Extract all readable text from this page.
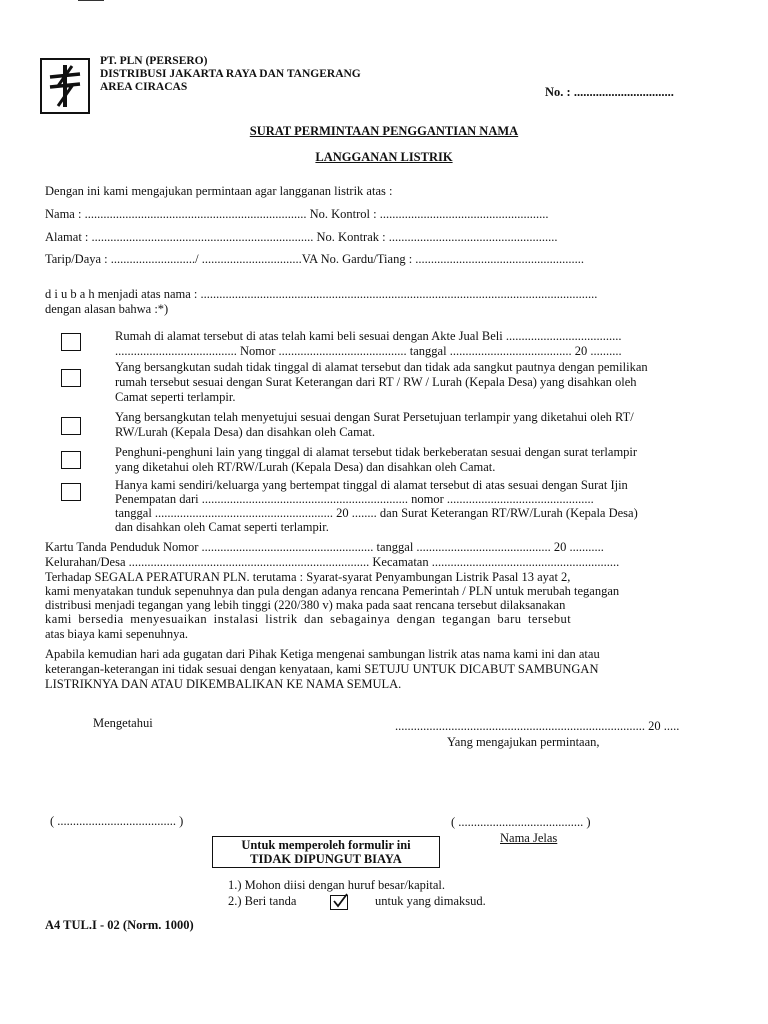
PT. PLN (PERSERO)
DISTRIBUSI JAKARTA RAYA DAN TANGERANG
AREA CIRACAS	No. : ................................
SURAT PERMINTAAN PENGGANTIAN NAMA
LANGGANAN LISTRIK
Dengan ini kami mengajukan permintaan agar langganan listrik atas :
Nama : ....................................................................... No. Kontrol : ......................................................
Alamat : ....................................................................... No. Kontrak : ......................................................
Tarip/Daya : .........................../ ................................VA No. Gardu/Tiang : ......................................................
d i u b a h menjadi atas nama : ...............................................................................................................................
dengan alasan bahwa :*)
Rumah di alamat tersebut di atas telah kami beli sesuai dengan Akte Jual Beli .....................................
....................................... Nomor ......................................... tanggal ....................................... 20 ..........
Yang bersangkutan sudah tidak tinggal di alamat tersebut dan tidak ada sangkut pautnya dengan pemilikan
rumah tersebut sesuai dengan Surat Keterangan dari RT / RW / Lurah (Kepala Desa) yang disahkan oleh
Camat seperti terlampir.
Yang bersangkutan telah menyetujui sesuai dengan Surat Persetujuan terlampir yang diketahui oleh RT/
RW/Lurah (Kepala Desa) dan disahkan oleh Camat.
Penghuni-penghuni lain yang tinggal di alamat tersebut tidak berkeberatan sesuai dengan surat terlampir
yang diketahui oleh RT/RW/Lurah (Kepala Desa) dan disahkan oleh Camat.
Hanya kami sendiri/keluarga yang bertempat tinggal di alamat tersebut di atas sesuai dengan Surat Ijin
Penempatan dari .................................................................. nomor ...............................................
tanggal ......................................................... 20 ........ dan Surat Keterangan RT/RW/Lurah (Kepala Desa)
dan disahkan oleh Camat seperti terlampir.
Kartu Tanda Penduduk Nomor ....................................................... tanggal ........................................... 20 ...........
Kelurahan/Desa ............................................................................. Kecamatan ............................................................
Terhadap SEGALA PERATURAN PLN. terutama : Syarat-syarat Penyambungan Listrik Pasal 13 ayat 2,
kami menyatakan tunduk sepenuhnya dan pula dengan adanya rencana Pemerintah / PLN untuk merubah tegangan
distribusi menjadi tegangan yang lebih tinggi (220/380 v) maka pada saat rencana tersebut dilaksanakan
kami bersedia menyesuaikan instalasi listrik dan sebagainya dengan tegangan baru tersebut
atas biaya kami sepenuhnya.
Apabila kemudian hari ada gugatan dari Pihak Ketiga mengenai sambungan listrik atas nama kami ini dan atau
keterangan-keterangan ini tidak sesuai dengan kenyataan, kami SETUJU UNTUK DICABUT SAMBUNGAN
LISTRIKNYA DAN ATAU DIKEMBALIKAN KE NAMA SEMULA.
Mengetahui	................................................................................ 20 .....
Yang mengajukan permintaan,
( ...................................... )	( ........................................ )
Nama Jelas
Untuk memperoleh formulir ini
TIDAK DIPUNGUT BIAYA
1.) Mohon diisi dengan huruf besar/kapital.
2.) Beri tanda	untuk yang dimaksud.
A4 TUL.I - 02 (Norm. 1000)
